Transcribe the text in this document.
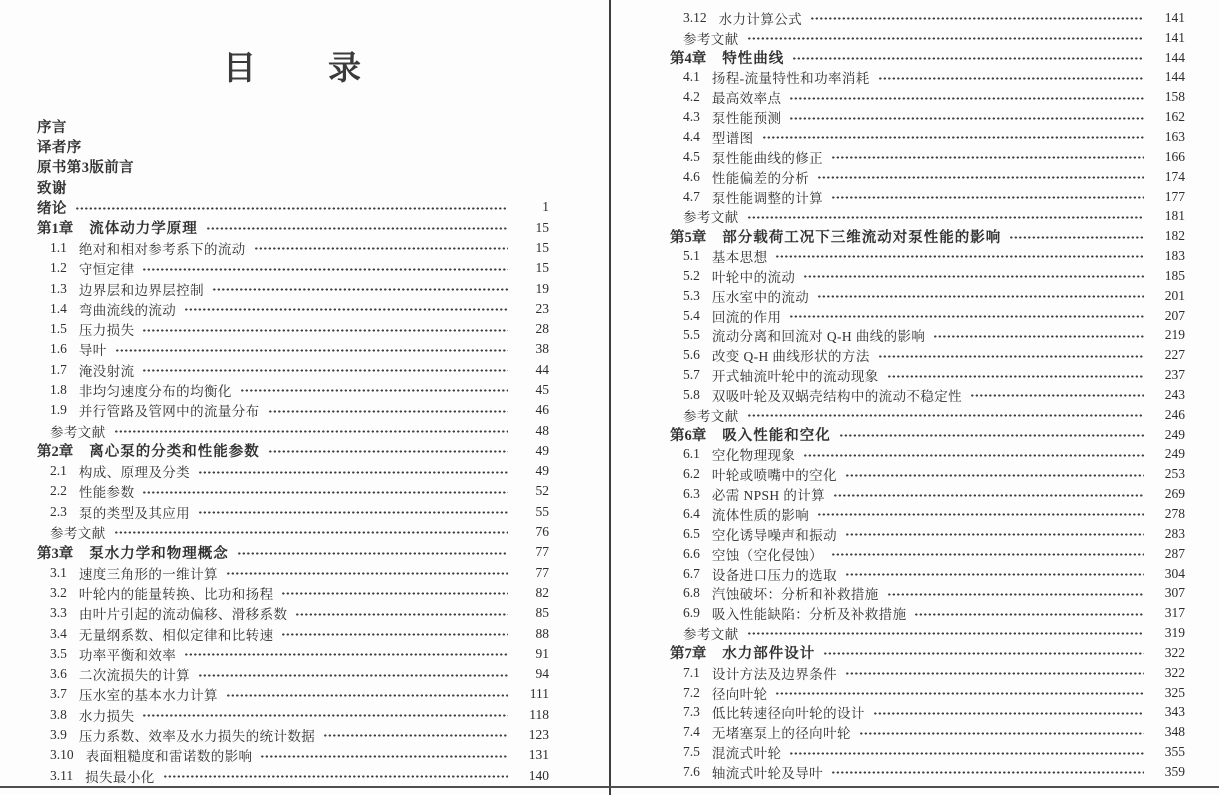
目　　录
序言
译者序
原书第3版前言
致谢
绪论	1
第1章 流体动力学原理	15
1.1 绝对和相对参考系下的流动	15
1.2 守恒定律	15
1.3 边界层和边界层控制	19
1.4 弯曲流线的流动	23
1.5 压力损失	28
1.6 导叶	38
1.7 淹没射流	44
1.8 非均匀速度分布的均衡化	45
1.9 并行管路及管网中的流量分布	46
参考文献	48
第2章 离心泵的分类和性能参数	49
2.1 构成、原理及分类	49
2.2 性能参数	52
2.3 泵的类型及其应用	55
参考文献	76
第3章 泵水力学和物理概念	77
3.1 速度三角形的一维计算	77
3.2 叶轮内的能量转换、比功和扬程	82
3.3 由叶片引起的流动偏移、滑移系数	85
3.4 无量纲系数、相似定律和比转速	88
3.5 功率平衡和效率	91
3.6 二次流损失的计算	94
3.7 压水室的基本水力计算	111
3.8 水力损失	118
3.9 压力系数、效率及水力损失的统计数据	123
3.10 表面粗糙度和雷诺数的影响	131
3.11 损失最小化	140
3.12 水力计算公式	141
参考文献	141
第4章 特性曲线	144
4.1 扬程-流量特性和功率消耗	144
4.2 最高效率点	158
4.3 泵性能预测	162
4.4 型谱图	163
4.5 泵性能曲线的修正	166
4.6 性能偏差的分析	174
4.7 泵性能调整的计算	177
参考文献	181
第5章 部分载荷工况下三维流动对泵性能的影响	182
5.1 基本思想	183
5.2 叶轮中的流动	185
5.3 压水室中的流动	201
5.4 回流的作用	207
5.5 流动分离和回流对 Q-H 曲线的影响	219
5.6 改变 Q-H 曲线形状的方法	227
5.7 开式轴流叶轮中的流动现象	237
5.8 双吸叶轮及双蜗壳结构中的流动不稳定性	243
参考文献	246
第6章 吸入性能和空化	249
6.1 空化物理现象	249
6.2 叶轮或喷嘴中的空化	253
6.3 必需 NPSH 的计算	269
6.4 流体性质的影响	278
6.5 空化诱导噪声和振动	283
6.6 空蚀（空化侵蚀）	287
6.7 设备进口压力的选取	304
6.8 汽蚀破坏：分析和补救措施	307
6.9 吸入性能缺陷：分析及补救措施	317
参考文献	319
第7章 水力部件设计	322
7.1 设计方法及边界条件	322
7.2 径向叶轮	325
7.3 低比转速径向叶轮的设计	343
7.4 无堵塞泵上的径向叶轮	348
7.5 混流式叶轮	355
7.6 轴流式叶轮及导叶	359
